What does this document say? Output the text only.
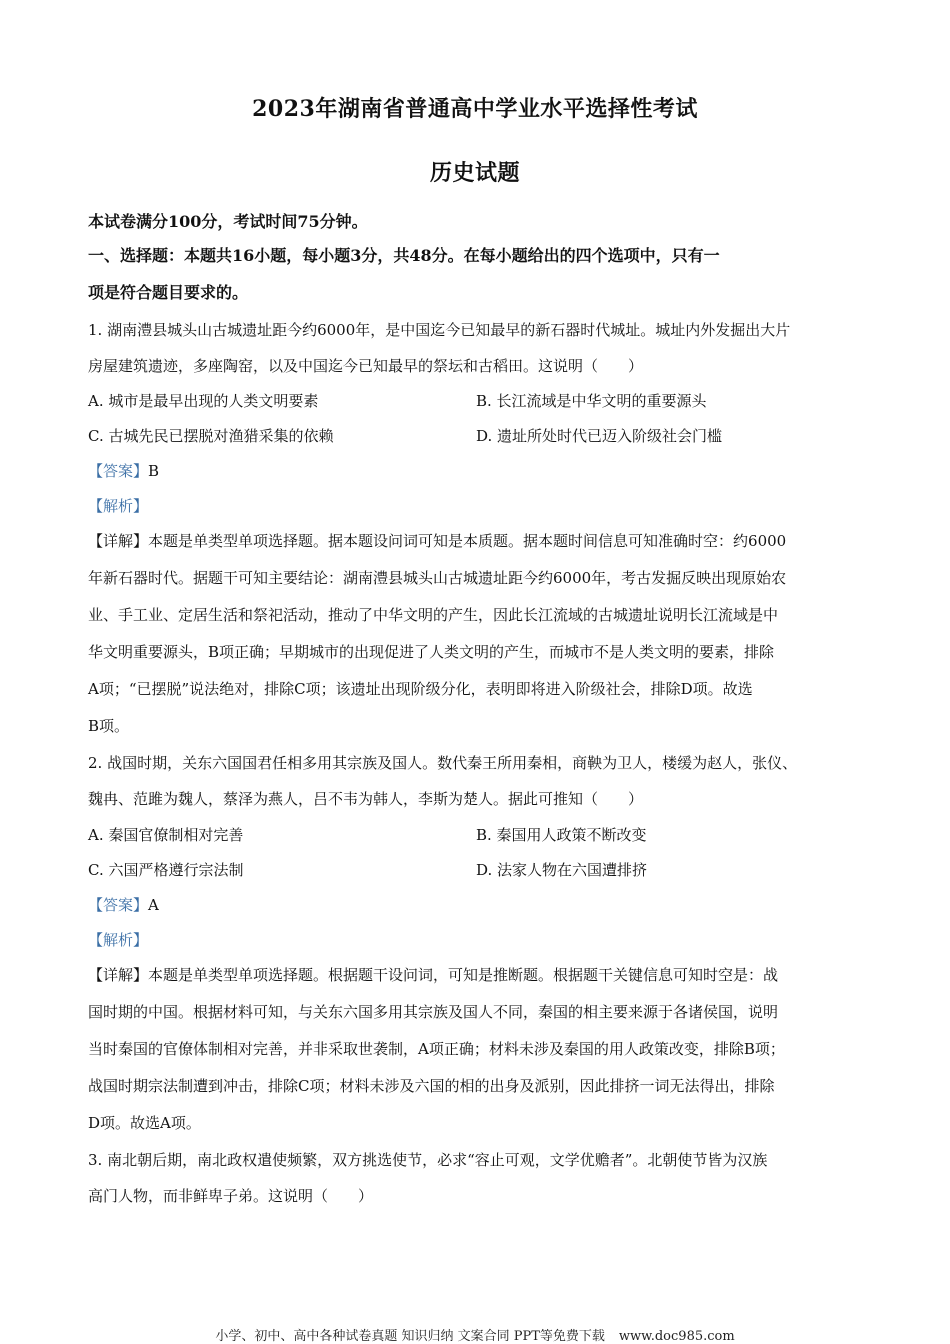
2023年湖南省普通高中学业水平选择性考试
历史试题
本试卷满分100分，考试时间75分钟。
一、选择题：本题共16小题，每小题3分，共48分。在每小题给出的四个选项中，只有一
项是符合题目要求的。
1. 湖南澧县城头山古城遗址距今约6000年，是中国迄今已知最早的新石器时代城址。城址内外发掘出大片
房屋建筑遗迹，多座陶窑，以及中国迄今已知最早的祭坛和古稻田。这说明（　　）
A. 城市是最早出现的人类文明要素	B. 长江流域是中华文明的重要源头
C. 古城先民已摆脱对渔猎采集的依赖	D. 遗址所处时代已迈入阶级社会门槛
【答案】B
【解析】
【详解】本题是单类型单项选择题。据本题设问词可知是本质题。据本题时间信息可知准确时空：约6000
年新石器时代。据题干可知主要结论：湖南澧县城头山古城遗址距今约6000年，考古发掘反映出现原始农
业、手工业、定居生活和祭祀活动，推动了中华文明的产生，因此长江流域的古城遗址说明长江流域是中
华文明重要源头，B项正确；早期城市的出现促进了人类文明的产生，而城市不是人类文明的要素，排除
A项；“已摆脱”说法绝对，排除C项；该遗址出现阶级分化，表明即将进入阶级社会，排除D项。故选
B项。
2. 战国时期，关东六国国君任相多用其宗族及国人。数代秦王所用秦相，商鞅为卫人，楼缓为赵人，张仪、
魏冉、范雎为魏人，蔡泽为燕人，吕不韦为韩人，李斯为楚人。据此可推知（　　）
A. 秦国官僚制相对完善	B. 秦国用人政策不断改变
C. 六国严格遵行宗法制	D. 法家人物在六国遭排挤
【答案】A
【解析】
【详解】本题是单类型单项选择题。根据题干设问词，可知是推断题。根据题干关键信息可知时空是：战
国时期的中国。根据材料可知，与关东六国多用其宗族及国人不同，秦国的相主要来源于各诸侯国，说明
当时秦国的官僚体制相对完善，并非采取世袭制，A项正确；材料未涉及秦国的用人政策改变，排除B项；
战国时期宗法制遭到冲击，排除C项；材料未涉及六国的相的出身及派别，因此排挤一词无法得出，排除
D项。故选A项。
3. 南北朝后期，南北政权遣使频繁，双方挑选使节，必求“容止可观，文学优赡者”。北朝使节皆为汉族
高门人物，而非鲜卑子弟。这说明（　　）
小学、初中、高中各种试卷真题 知识归纳 文案合同 PPT等免费下载 www.doc985.com
